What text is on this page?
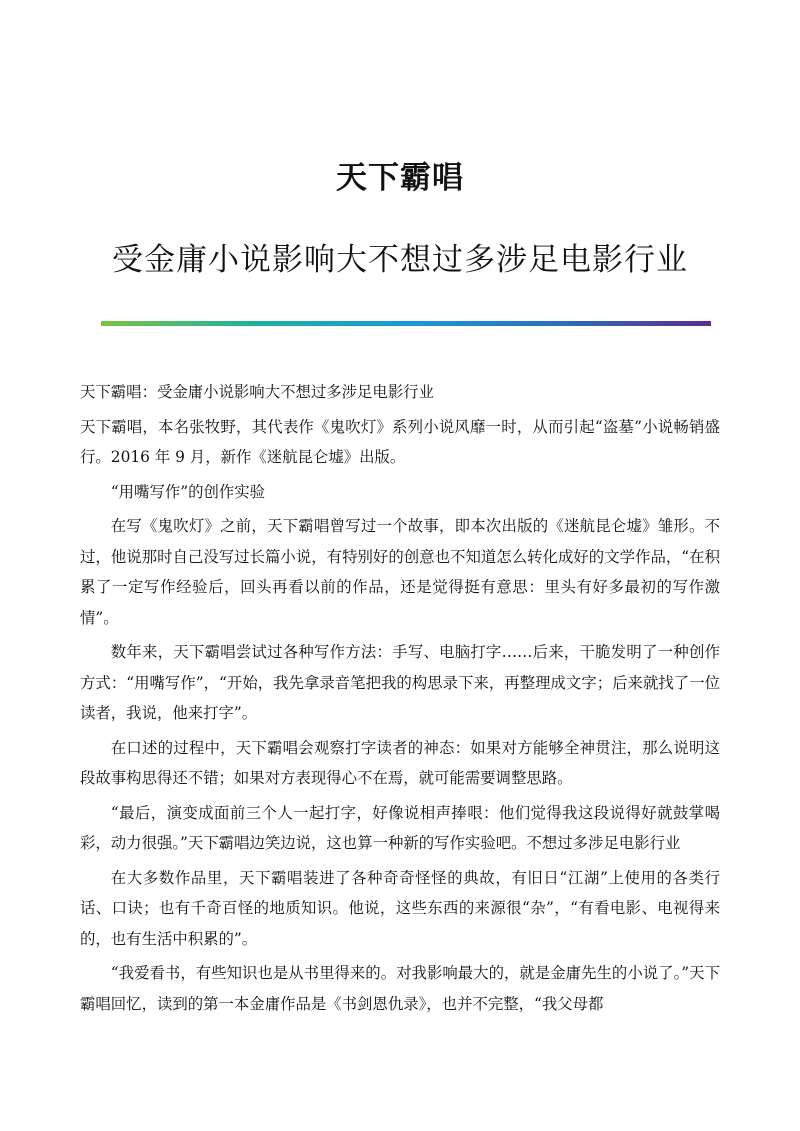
天下霸唱
受金庸小说影响大不想过多涉足电影行业

天下霸唱：受金庸小说影响大不想过多涉足电影行业

天下霸唱，本名张牧野，其代表作《鬼吹灯》系列小说风靡一时，从而引起“盗墓”小说畅销盛行。2016 年 9 月，新作《迷航昆仑墟》出版。

“用嘴写作”的创作实验

在写《鬼吹灯》之前，天下霸唱曾写过一个故事，即本次出版的《迷航昆仑墟》雏形。不过，他说那时自己没写过长篇小说，有特别好的创意也不知道怎么转化成好的文学作品，“在积累了一定写作经验后，回头再看以前的作品，还是觉得挺有意思：里头有好多最初的写作激情”。

数年来，天下霸唱尝试过各种写作方法：手写、电脑打字……后来，干脆发明了一种创作方式：“用嘴写作”，“开始，我先拿录音笔把我的构思录下来，再整理成文字；后来就找了一位读者，我说，他来打字”。

在口述的过程中，天下霸唱会观察打字读者的神态：如果对方能够全神贯注，那么说明这段故事构思得还不错；如果对方表现得心不在焉，就可能需要调整思路。

“最后，演变成面前三个人一起打字，好像说相声捧哏：他们觉得我这段说得好就鼓掌喝彩，动力很强。”天下霸唱边笑边说，这也算一种新的写作实验吧。不想过多涉足电影行业

在大多数作品里，天下霸唱装进了各种奇奇怪怪的典故，有旧日“江湖”上使用的各类行话、口诀；也有千奇百怪的地质知识。他说，这些东西的来源很“杂”，“有看电影、电视得来的，也有生活中积累的”。

“我爱看书，有些知识也是从书里得来的。对我影响最大的，就是金庸先生的小说了。”天下霸唱回忆，读到的第一本金庸作品是《书剑恩仇录》，也并不完整，“我父母都
